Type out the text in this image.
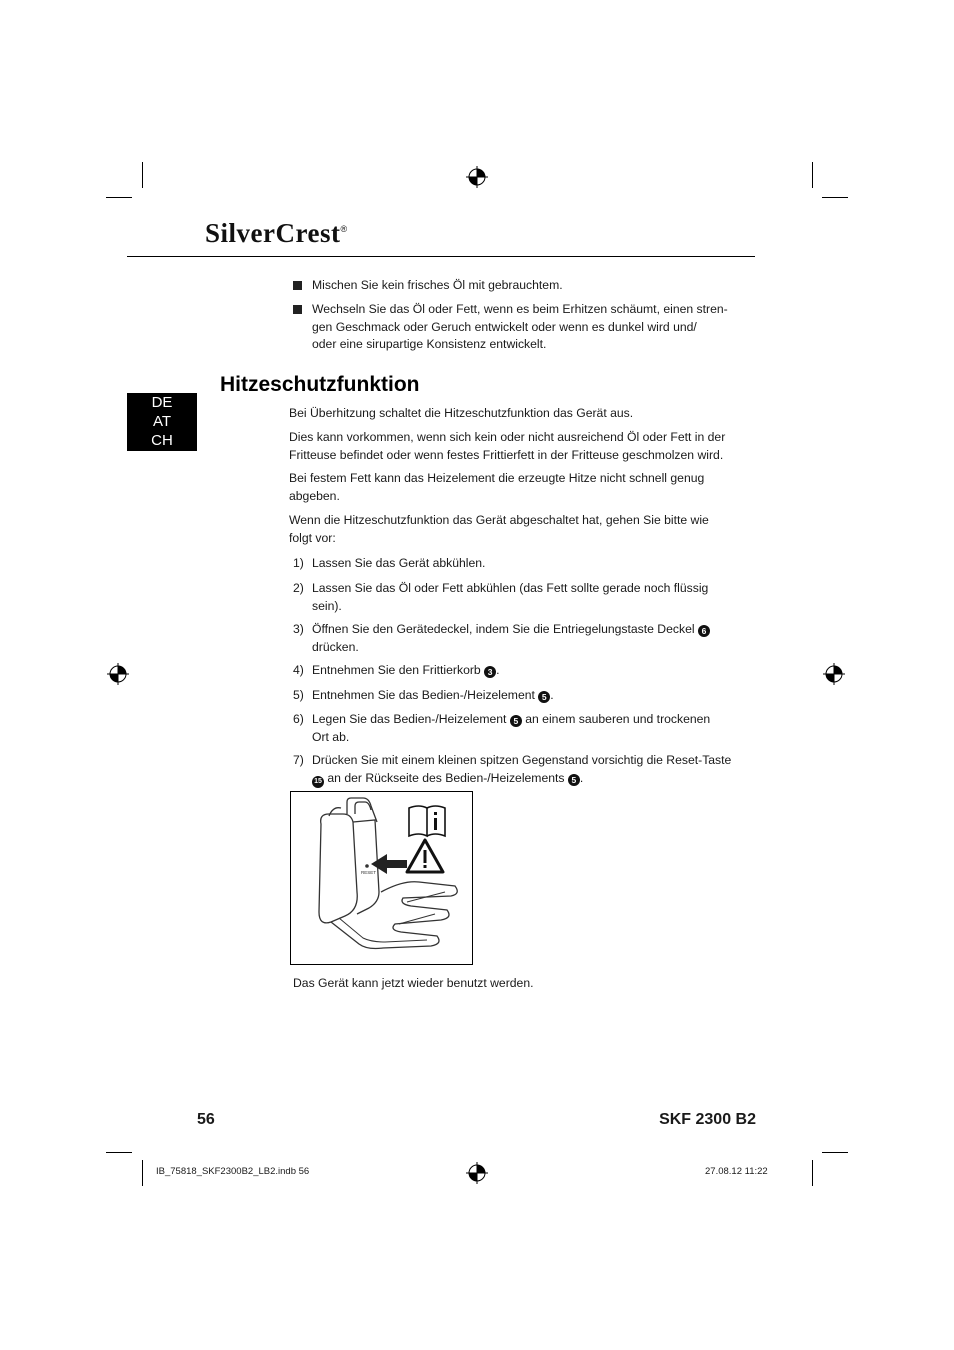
SilverCrest®
Mischen Sie kein frisches Öl mit gebrauchtem.
Wechseln Sie das Öl oder Fett, wenn es beim Erhitzen schäumt, einen stren-
gen Geschmack oder Geruch entwickelt oder wenn es dunkel wird und/
oder eine sirupartige Konsistenz entwickelt.
Hitzeschutzfunktion
DE
AT
CH
Bei Überhitzung schaltet die Hitzeschutzfunktion das Gerät aus.
Dies kann vorkommen, wenn sich kein oder nicht ausreichend Öl oder Fett in der
Fritteuse befindet oder wenn festes Frittierfett in der Fritteuse geschmolzen wird.
Bei festem Fett kann das Heizelement die erzeugte Hitze nicht schnell genug
abgeben.
Wenn die Hitzeschutzfunktion das Gerät abgeschaltet hat, gehen Sie bitte wie
folgt vor:
1) Lassen Sie das Gerät abkühlen.
2) Lassen Sie das Öl oder Fett abkühlen (das Fett sollte gerade noch flüssig
sein).
3) Öffnen Sie den Gerätedeckel, indem Sie die Entriegelungstaste Deckel 6
drücken.
4) Entnehmen Sie den Frittierkorb 3 .
5) Entnehmen Sie das Bedien-/Heizelement 5 .
6) Legen Sie das Bedien-/Heizelement 5 an einem sauberen und trockenen
Ort ab.
7) Drücken Sie mit einem kleinen spitzen Gegenstand vorsichtig die Reset-Taste
15 an der Rückseite des Bedien-/Heizelements 5 .
RESET

Das Gerät kann jetzt wieder benutzt werden.

56	SKF 2300 B2
IB_75818_SKF2300B2_LB2.indb 56	27.08.12 11:22
